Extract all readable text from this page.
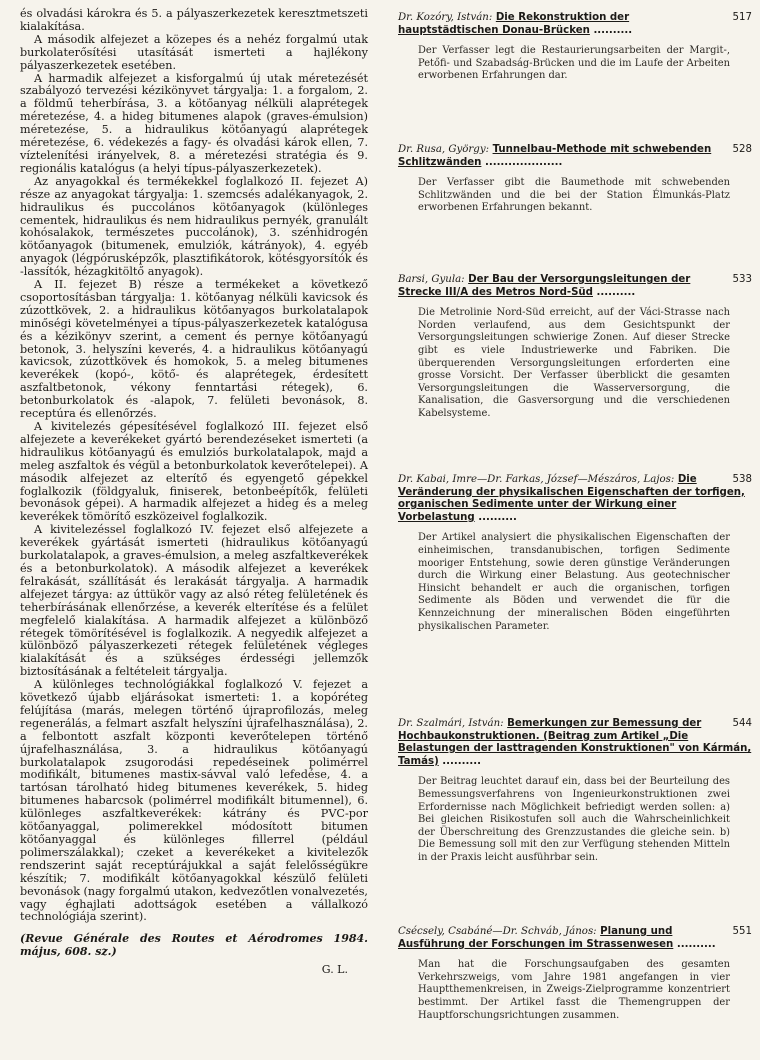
és olvadási károkra és 5. a pályaszerkezetek keresztmetszeti kialakítása.

A második alfejezet a közepes és a nehéz forgalmú utak burkolaterősítési utasítását ismerteti a hajlékony pályaszerkezetek esetében.

A harmadik alfejezet a kisforgalmú új utak méretezését szabályozó tervezési kézikönyvet tárgyalja: 1. a forgalom, 2. a földmű teherbírása, 3. a kötőanyag nélküli alaprétegek méretezése, 4. a hideg bitumenes alapok (graves-émulsion) méretezése, 5. a hidraulikus kötőanyagú alaprétegek méretezése, 6. védekezés a fagy- és olvadási károk ellen, 7. víztelenítési irányelvek, 8. a méretezési stratégia és 9. regionális katalógus (a helyi típus-pályaszerkezetek).

Az anyagokkal és termékekkel foglalkozó II. fejezet A) része az anyagokat tárgyalja: 1. szemcsés adalékanyagok, 2. hidraulikus és puccolános kötőanyagok (különleges cementek, hidraulikus és nem hidraulikus pernyék, granulált kohósalakok, természetes puccolánok), 3. szénhidrogén kötőanyagok (bitumenek, emulziók, kátrányok), 4. egyéb anyagok (légpórusképzők, plasztifikátorok, kötésgyorsítók és -lassítók, hézagkitöltő anyagok).

A II. fejezet B) része a termékeket a következő csoportosításban tárgyalja: 1. kötőanyag nélküli kavicsok és zúzottkövek, 2. a hidraulikus kötőanyagos burkolatalapok minőségi követelményei a típus-pályaszerkezetek katalógusa és a kézikönyv szerint, a cement és pernye kötőanyagú betonok, 3. helyszíni keverés, 4. a hidraulikus kötőanyagú kavicsok, zúzottkövek és homokok, 5. a meleg bitumenes keverékek (kopó-, kötő- és alaprétegek, érdesített aszfaltbetonok, vékony fenntartási rétegek), 6. betonburkolatok és -alapok, 7. felületi bevonások, 8. receptúra és ellenőrzés.

A kivitelezés gépesítésével foglalkozó III. fejezet első alfejezete a keverékeket gyártó berendezéseket ismerteti (a hidraulikus kötőanyagú és emulziós burkolatalapok, majd a meleg aszfaltok és végül a betonburkolatok keverőtelepei). A második alfejezet az elterítő és egyengető gépekkel foglalkozik (földgyaluk, finiserek, betonbeépítők, felületi bevonások gépei). A harmadik alfejezet a hideg és a meleg keverékek tömörítő eszközeivel foglalkozik.

A kivitelezéssel foglalkozó IV. fejezet első alfejezete a keverékek gyártását ismerteti (hidraulikus kötőanyagú burkolatalapok, a graves-émulsion, a meleg aszfaltkeverékek és a betonburkolatok). A második alfejezet a keverékek felrakását, szállítását és lerakását tárgyalja. A harmadik alfejezet tárgya: az úttükör vagy az alsó réteg felületének és teherbírásának ellenőrzése, a keverék elterítése és a felület megfelelő kialakítása. A harmadik alfejezet a különböző rétegek tömörítésével is foglalkozik. A negyedik alfejezet a különböző pályaszerkezeti rétegek felületének végleges kialakítását és a szükséges érdességi jellemzők biztosításának a feltételeit tárgyalja.

A különleges technológiákkal foglalkozó V. fejezet a következő újabb eljárásokat ismerteti: 1. a kopóréteg felújítása (marás, melegen történő újraprofilozás, meleg regenerálás, a felmart aszfalt helyszíni újrafelhasználása), 2. a felbontott aszfalt központi keverőtelepen történő újrafelhasználása, 3. a hidraulikus kötőanyagú burkolatalapok zsugorodási repedéseinek polimérrel modifikált, bitumenes mastix-sávval való lefedése, 4. a tartósan tárolható hideg bitumenes keverékek, 5. hideg bitumenes habarcsok (polimérrel modifikált bitumennel), 6. különleges aszfaltkeverékek: kátrány és PVC-por kötőanyaggal, polimerekkel módosított bitumen kötőanyaggal és különleges fillerrel (például polimerszálakkal); czeket a keverékeket a kivitelezők rendszerint saját receptúrájukkal a saját felelősségükre készítik; 7. modifikált kötőanyagokkal készülő felületi bevonások (nagy forgalmú utakon, kedvezőtlen vonalvezetés, vagy éghajlati adottságok esetében a vállalkozó technológiája szerint).

(Revue Générale des Routes et Aérodromes 1984. május, 608. sz.)
G. L.
517
Dr. Kozóry, István: Die Rekonstruktion der hauptstädtischen Donau-Brücken ..........
Der Verfasser legt die Restaurierungsarbeiten der Margit-, Petőfi- und Szabadság-Brücken und die im Laufe der Arbeiten erworbenen Erfahrungen dar.
528
Dr. Rusa, György: Tunnelbau-Methode mit schwebenden Schlitzwänden ....................
Der Verfasser gibt die Baumethode mit schwebenden Schlitzwänden und die bei der Station Élmunkás-Platz erworbenen Erfahrungen bekannt.
533
Barsi, Gyula: Der Bau der Versorgungsleitungen der Strecke III/A des Metros Nord-Süd ..........
Die Metrolinie Nord-Süd erreicht, auf der Váci-Strasse nach Norden verlaufend, aus dem Gesichtspunkt der Versorgungsleitungen schwierige Zonen. Auf dieser Strecke gibt es viele Industriewerke und Fabriken. Die überquerenden Versorgungsleitungen erforderten eine grosse Vorsicht. Der Verfasser überblickt die gesamten Versorgungsleitungen die Wasserversorgung, die Kanalisation, die Gasversorgung und die verschiedenen Kabelsysteme.
538
Dr. Kabai, Imre—Dr. Farkas, József—Mészáros, Lajos: Die Veränderung der physikalischen Eigenschaften der torfigen, organischen Sedimente unter der Wirkung einer Vorbelastung ..........
Der Artikel analysiert die physikalischen Eigenschaften der einheimischen, transdanubischen, torfigen Sedimente mooriger Entstehung, sowie deren günstige Veränderungen durch die Wirkung einer Belastung. Aus geotechnischer Hinsicht behandelt er auch die organischen, torfigen Sedimente als Böden und verwendet die für die Kennzeichnung der mineralischen Böden eingeführten physikalischen Parameter.
544
Dr. Szalmári, István: Bemerkungen zur Bemessung der Hochbaukonstruktionen. (Beitrag zum Artikel „Die Belastungen der lasttragenden Konstruktionen" von Kármán, Tamás) ..........
Der Beitrag leuchtet darauf ein, dass bei der Beurteilung des Bemessungsverfahrens von Ingenieurkonstruktionen zwei Erfordernisse nach Möglichkeit befriedigt werden sollen: a) Bei gleichen Risikostufen soll auch die Wahrscheinlichkeit der Überschreitung des Grenzzustandes die gleiche sein. b) Die Bemessung soll mit den zur Verfügung stehenden Mitteln in der Praxis leicht ausführbar sein.
551
Csécsely, Csabáné—Dr. Schváb, János: Planung und Ausführung der Forschungen im Strassenwesen ..........
Man hat die Forschungsaufgaben des gesamten Verkehrszweigs, vom Jahre 1981 angefangen in vier Hauptthemenkreisen, in Zweigs-Zielprogramme konzentriert bestimmt. Der Artikel fasst die Themengruppen der Hauptforschungsrichtungen zusammen.
